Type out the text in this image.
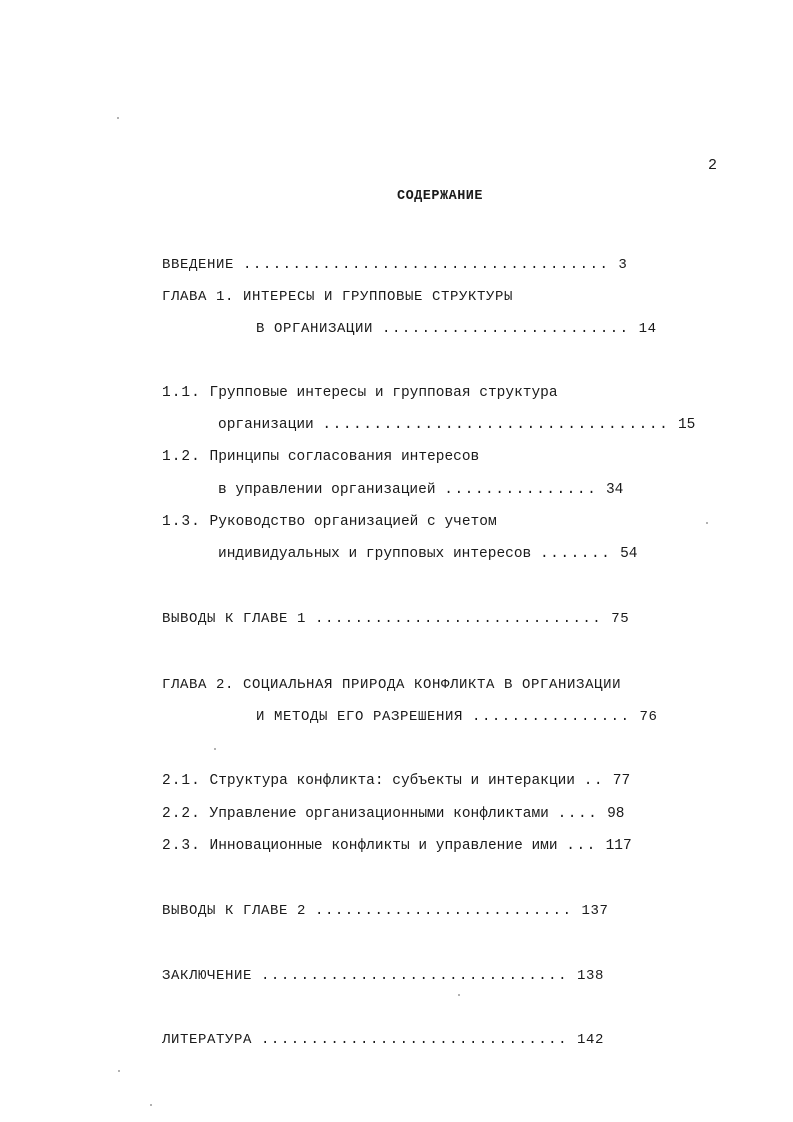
2
СОДЕРЖАНИЕ
ВВЕДЕНИЕ ..................................... 3
ГЛАВА 1. ИНТЕРЕСЫ И ГРУППОВЫЕ СТРУКТУРЫ
В ОРГАНИЗАЦИИ ......................... 14
1.1. Групповые интересы и групповая структура
организации .................................. 15
1.2. Принципы согласования интересов
в управлении организацией ............... 34
1.3. Руководство организацией с учетом
индивидуальных и групповых интересов ....... 54
ВЫВОДЫ К ГЛАВЕ 1 ............................. 75
ГЛАВА 2. СОЦИАЛЬНАЯ ПРИРОДА КОНФЛИКТА В ОРГАНИЗАЦИИ
И МЕТОДЫ ЕГО РАЗРЕШЕНИЯ ................ 76
2.1. Структура конфликта: субъекты и интеракции .. 77
2.2. Управление организационными конфликтами .... 98
2.3. Инновационные конфликты и управление ими ... 117
ВЫВОДЫ К ГЛАВЕ 2 .......................... 137
ЗАКЛЮЧЕНИЕ ............................... 138
ЛИТЕРАТУРА ............................... 142
